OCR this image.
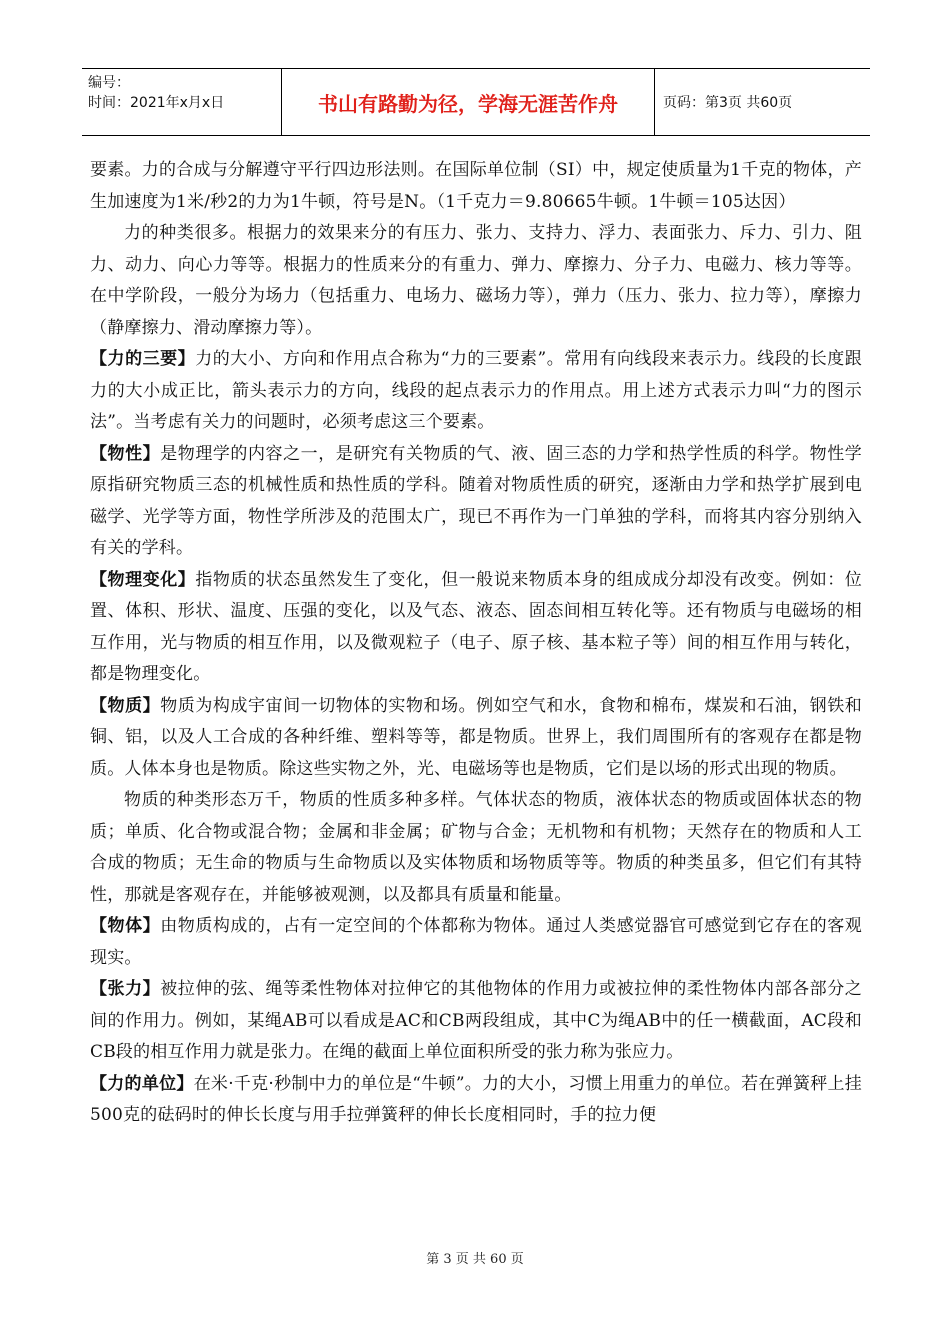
编号：
时间：2021年x月x日	书山有路勤为径，学海无涯苦作舟	页码：第3页 共60页

要素。力的合成与分解遵守平行四边形法则。在国际单位制（SI）中，规定使质量为1千克的物体，产生加速度为1米/秒2的力为1牛顿，符号是N。（1千克力＝9.80665牛顿。1牛顿＝105达因）

力的种类很多。根据力的效果来分的有压力、张力、支持力、浮力、表面张力、斥力、引力、阻力、动力、向心力等等。根据力的性质来分的有重力、弹力、摩擦力、分子力、电磁力、核力等等。在中学阶段，一般分为场力（包括重力、电场力、磁场力等），弹力（压力、张力、拉力等），摩擦力（静摩擦力、滑动摩擦力等）。

【力的三要】力的大小、方向和作用点合称为“力的三要素”。常用有向线段来表示力。线段的长度跟力的大小成正比，箭头表示力的方向，线段的起点表示力的作用点。用上述方式表示力叫“力的图示法”。当考虑有关力的问题时，必须考虑这三个要素。

【物性】是物理学的内容之一，是研究有关物质的气、液、固三态的力学和热学性质的科学。物性学原指研究物质三态的机械性质和热性质的学科。随着对物质性质的研究，逐渐由力学和热学扩展到电磁学、光学等方面，物性学所涉及的范围太广，现已不再作为一门单独的学科，而将其内容分别纳入有关的学科。

【物理变化】指物质的状态虽然发生了变化，但一般说来物质本身的组成成分却没有改变。例如：位置、体积、形状、温度、压强的变化，以及气态、液态、固态间相互转化等。还有物质与电磁场的相互作用，光与物质的相互作用，以及微观粒子（电子、原子核、基本粒子等）间的相互作用与转化，都是物理变化。

【物质】物质为构成宇宙间一切物体的实物和场。例如空气和水，食物和棉布，煤炭和石油，钢铁和铜、铝，以及人工合成的各种纤维、塑料等等，都是物质。世界上，我们周围所有的客观存在都是物质。人体本身也是物质。除这些实物之外，光、电磁场等也是物质，它们是以场的形式出现的物质。

物质的种类形态万千，物质的性质多种多样。气体状态的物质，液体状态的物质或固体状态的物质；单质、化合物或混合物；金属和非金属；矿物与合金；无机物和有机物；天然存在的物质和人工合成的物质；无生命的物质与生命物质以及实体物质和场物质等等。物质的种类虽多，但它们有其特性，那就是客观存在，并能够被观测，以及都具有质量和能量。

【物体】由物质构成的，占有一定空间的个体都称为物体。通过人类感觉器官可感觉到它存在的客观现实。

【张力】被拉伸的弦、绳等柔性物体对拉伸它的其他物体的作用力或被拉伸的柔性物体内部各部分之间的作用力。例如，某绳AB可以看成是AC和CB两段组成，其中C为绳AB中的任一横截面，AC段和CB段的相互作用力就是张力。在绳的截面上单位面积所受的张力称为张应力。

【力的单位】在米·千克·秒制中力的单位是“牛顿”。力的大小，习惯上用重力的单位。若在弹簧秤上挂500克的砝码时的伸长长度与用手拉弹簧秤的伸长长度相同时，手的拉力便

第 3 页 共 60 页
